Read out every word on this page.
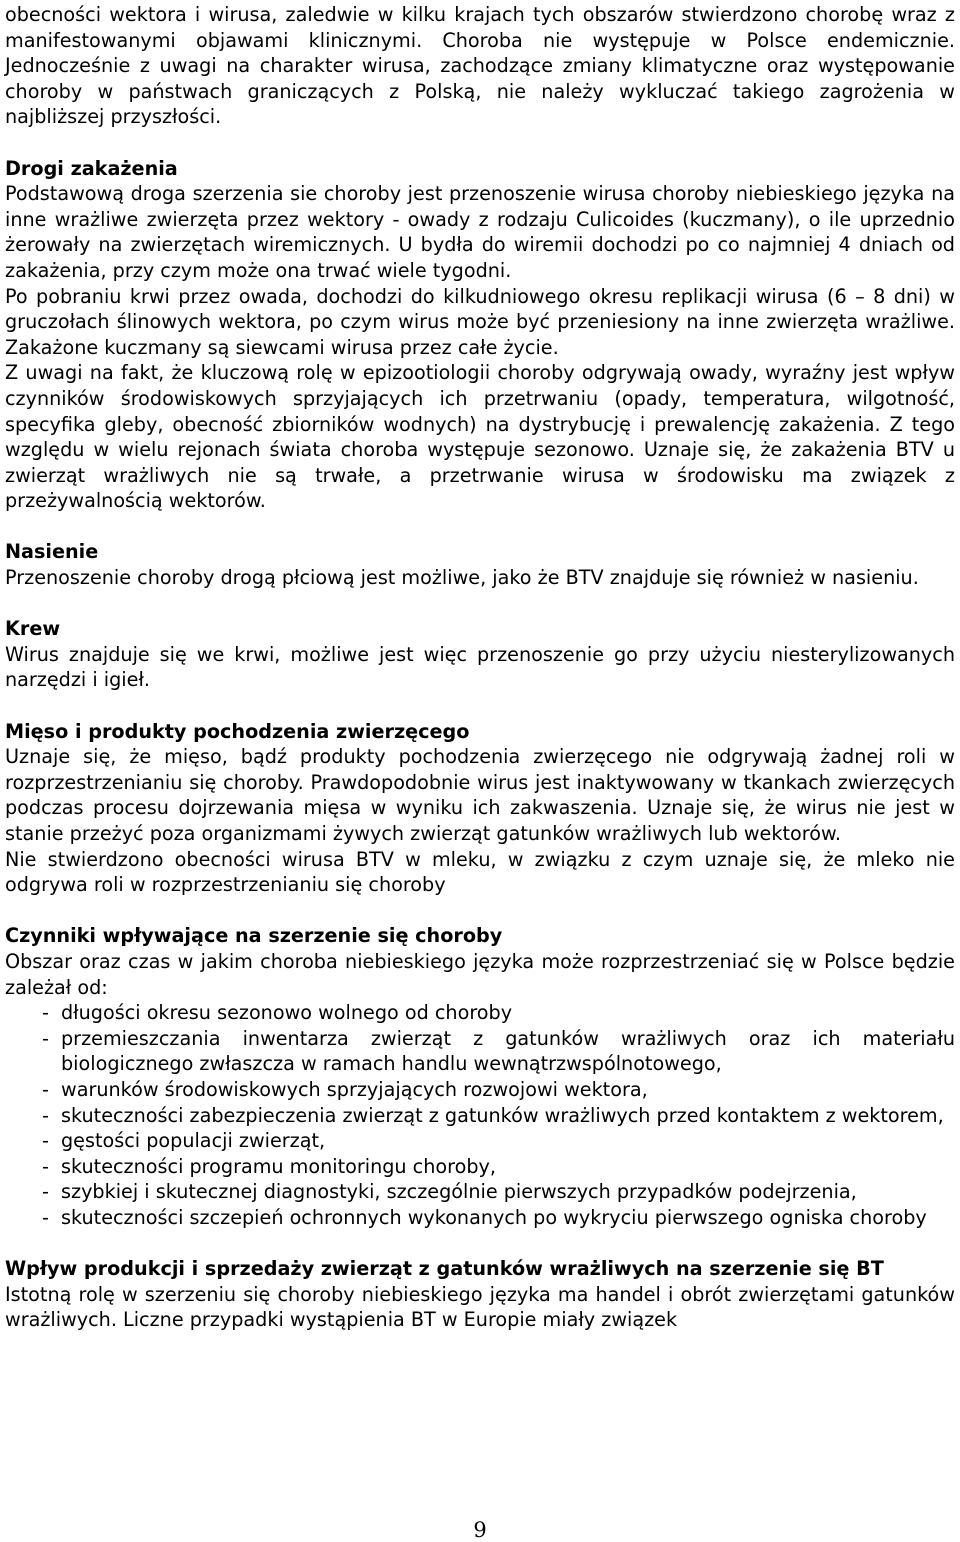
obecności wektora i wirusa, zaledwie w kilku krajach tych obszarów stwierdzono chorobę wraz z manifestowanymi objawami klinicznymi. Choroba nie występuje w Polsce endemicznie. Jednocześnie z uwagi na charakter wirusa, zachodzące zmiany klimatyczne oraz występowanie choroby w państwach graniczących z Polską, nie należy wykluczać takiego zagrożenia w najbliższej przyszłości.

Drogi zakażenia

Podstawową droga szerzenia sie choroby jest przenoszenie wirusa choroby niebieskiego języka na inne wrażliwe zwierzęta przez wektory - owady z rodzaju Culicoides (kuczmany), o ile uprzednio żerowały na zwierzętach wiremicznych. U bydła do wiremii dochodzi po co najmniej 4 dniach od zakażenia, przy czym może ona trwać wiele tygodni.

Po pobraniu krwi przez owada, dochodzi do kilkudniowego okresu replikacji wirusa (6 – 8 dni) w gruczołach ślinowych wektora, po czym wirus może być przeniesiony na inne zwierzęta wrażliwe. Zakażone kuczmany są siewcami wirusa przez całe życie.

Z uwagi na fakt, że kluczową rolę w epizootiologii choroby odgrywają owady, wyraźny jest wpływ czynników środowiskowych sprzyjających ich przetrwaniu (opady, temperatura, wilgotność, specyfika gleby, obecność zbiorników wodnych) na dystrybucję i prewalencję zakażenia. Z tego względu w wielu rejonach świata choroba występuje sezonowo. Uznaje się, że zakażenia BTV u zwierząt wrażliwych nie są trwałe, a przetrwanie wirusa w środowisku ma związek z przeżywalnością wektorów.

Nasienie

Przenoszenie choroby drogą płciową jest możliwe, jako że BTV znajduje się również w nasieniu.

Krew

Wirus znajduje się we krwi, możliwe jest więc przenoszenie go przy użyciu niesterylizowanych narzędzi i igieł.

Mięso i produkty pochodzenia zwierzęcego

Uznaje się, że mięso, bądź produkty pochodzenia zwierzęcego nie odgrywają żadnej roli w rozprzestrzenianiu się choroby. Prawdopodobnie wirus jest inaktywowany w tkankach zwierzęcych podczas procesu dojrzewania mięsa w wyniku ich zakwaszenia. Uznaje się, że wirus nie jest w stanie przeżyć poza organizmami żywych zwierząt gatunków wrażliwych lub wektorów.

Nie stwierdzono obecności wirusa BTV w mleku, w związku z czym uznaje się, że mleko nie odgrywa roli w rozprzestrzenianiu się choroby

Czynniki wpływające na szerzenie się choroby

Obszar oraz czas w jakim choroba niebieskiego języka może rozprzestrzeniać się w Polsce będzie zależał od:

- długości okresu sezonowo wolnego od choroby
- przemieszczania inwentarza zwierząt z gatunków wrażliwych oraz ich materiału biologicznego zwłaszcza w ramach handlu wewnątrzwspólnotowego,
- warunków środowiskowych sprzyjających rozwojowi wektora,
- skuteczności zabezpieczenia zwierząt z gatunków wrażliwych przed kontaktem z wektorem,
- gęstości populacji zwierząt,
- skuteczności programu monitoringu choroby,
- szybkiej i skutecznej diagnostyki, szczególnie pierwszych przypadków podejrzenia,
- skuteczności szczepień ochronnych wykonanych po wykryciu pierwszego ogniska choroby

Wpływ produkcji i sprzedaży zwierząt z gatunków wrażliwych na szerzenie się BT

Istotną rolę w szerzeniu się choroby niebieskiego języka ma handel i obrót zwierzętami gatunków wrażliwych. Liczne przypadki wystąpienia BT w Europie miały związek

9
